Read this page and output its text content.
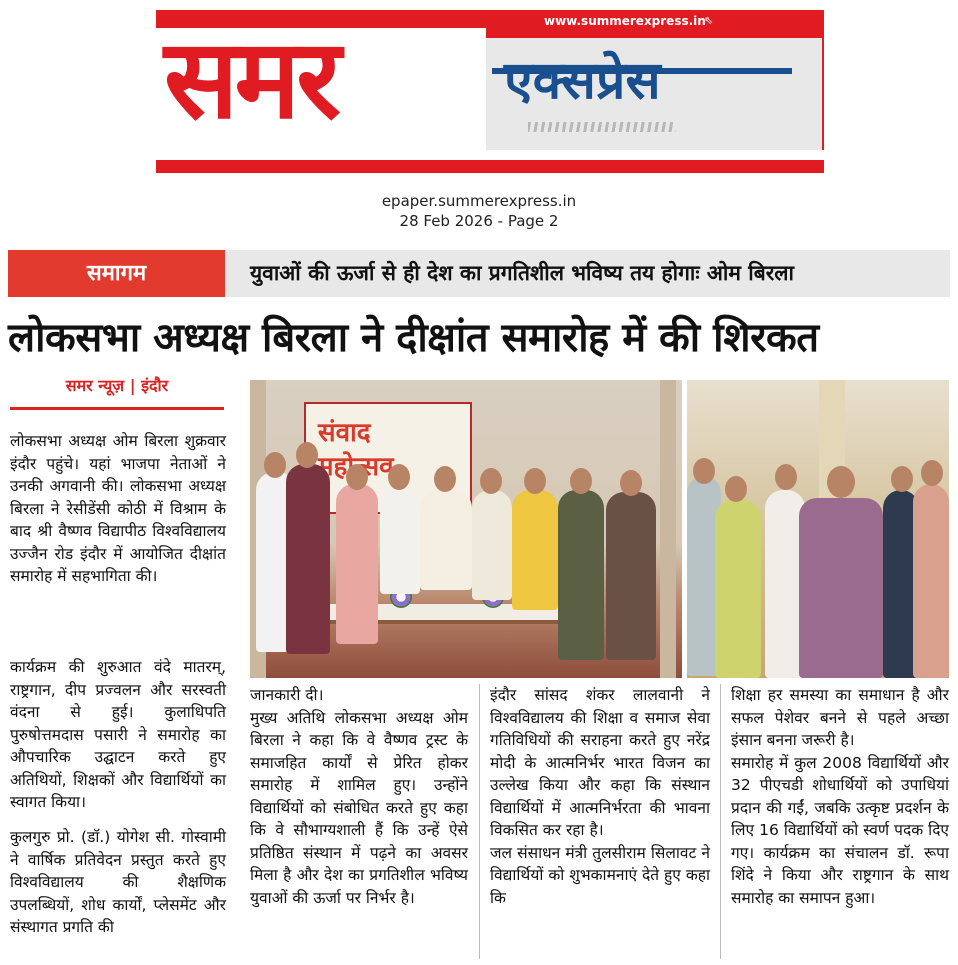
समर	एक्सप्रेस
www.summerexpress.in
⇖
epaper.summerexpress.in
28 Feb 2026 - Page 2
समागम	युवाओं की ऊर्जा से ही देश का प्रगतिशील भविष्य तय होगाः ओम बिरला
लोकसभा अध्यक्ष बिरला ने दीक्षांत समारोह में की शिरकत
समर न्यूज़ | इंदौर
संवाद

लोकसभा अध्यक्ष ओम बिरला शुक्रवार इंदौर पहुंचे। यहां भाजपा नेताओं ने उनकी अगवानी की। लोकसभा अध्यक्ष बिरला ने रेसीडेंसी कोठी में विश्राम के बाद श्री वैष्णव विद्यापीठ विश्वविद्यालय उज्जैन रोड इंदौर में आयोजित दीक्षांत समारोह में सहभागिता की।

कार्यक्रम की शुरुआत वंदे मातरम्, राष्ट्रगान, दीप प्रज्वलन और सरस्वती वंदना से हुई। कुलाधिपति पुरुषोत्तमदास पसारी ने समारोह का औपचारिक उद्घाटन करते हुए अतिथियों, शिक्षकों और विद्यार्थियों का स्वागत किया।

कुलगुरु प्रो. (डॉ.) योगेश सी. गोस्वामी ने वार्षिक प्रतिवेदन प्रस्तुत करते हुए विश्वविद्यालय की शैक्षणिक उपलब्धियों, शोध कार्यों, प्लेसमेंट और संस्थागत प्रगति की

जानकारी दी।

मुख्य अतिथि लोकसभा अध्यक्ष ओम बिरला ने कहा कि वे वैष्णव ट्रस्ट के समाजहित कार्यों से प्रेरित होकर समारोह में शामिल हुए। उन्होंने विद्यार्थियों को संबोधित करते हुए कहा कि वे सौभाग्यशाली हैं कि उन्हें ऐसे प्रतिष्ठित संस्थान में पढ़ने का अवसर मिला है और देश का प्रगतिशील भविष्य युवाओं की ऊर्जा पर निर्भर है।

इंदौर सांसद शंकर लालवानी ने विश्वविद्यालय की शिक्षा व समाज सेवा गतिविधियों की सराहना करते हुए नरेंद्र मोदी के आत्मनिर्भर भारत विजन का उल्लेख किया और कहा कि संस्थान विद्यार्थियों में आत्मनिर्भरता की भावना विकसित कर रहा है।

जल संसाधन मंत्री तुलसीराम सिलावट ने विद्यार्थियों को शुभकामनाएं देते हुए कहा कि

शिक्षा हर समस्या का समाधान है और सफल पेशेवर बनने से पहले अच्छा इंसान बनना जरूरी है।

समारोह में कुल 2008 विद्यार्थियों और 32 पीएचडी शोधार्थियों को उपाधियां प्रदान की गईं, जबकि उत्कृष्ट प्रदर्शन के लिए 16 विद्यार्थियों को स्वर्ण पदक दिए गए। कार्यक्रम का संचालन डॉ. रूपा शिंदे ने किया और राष्ट्रगान के साथ समारोह का समापन हुआ।
